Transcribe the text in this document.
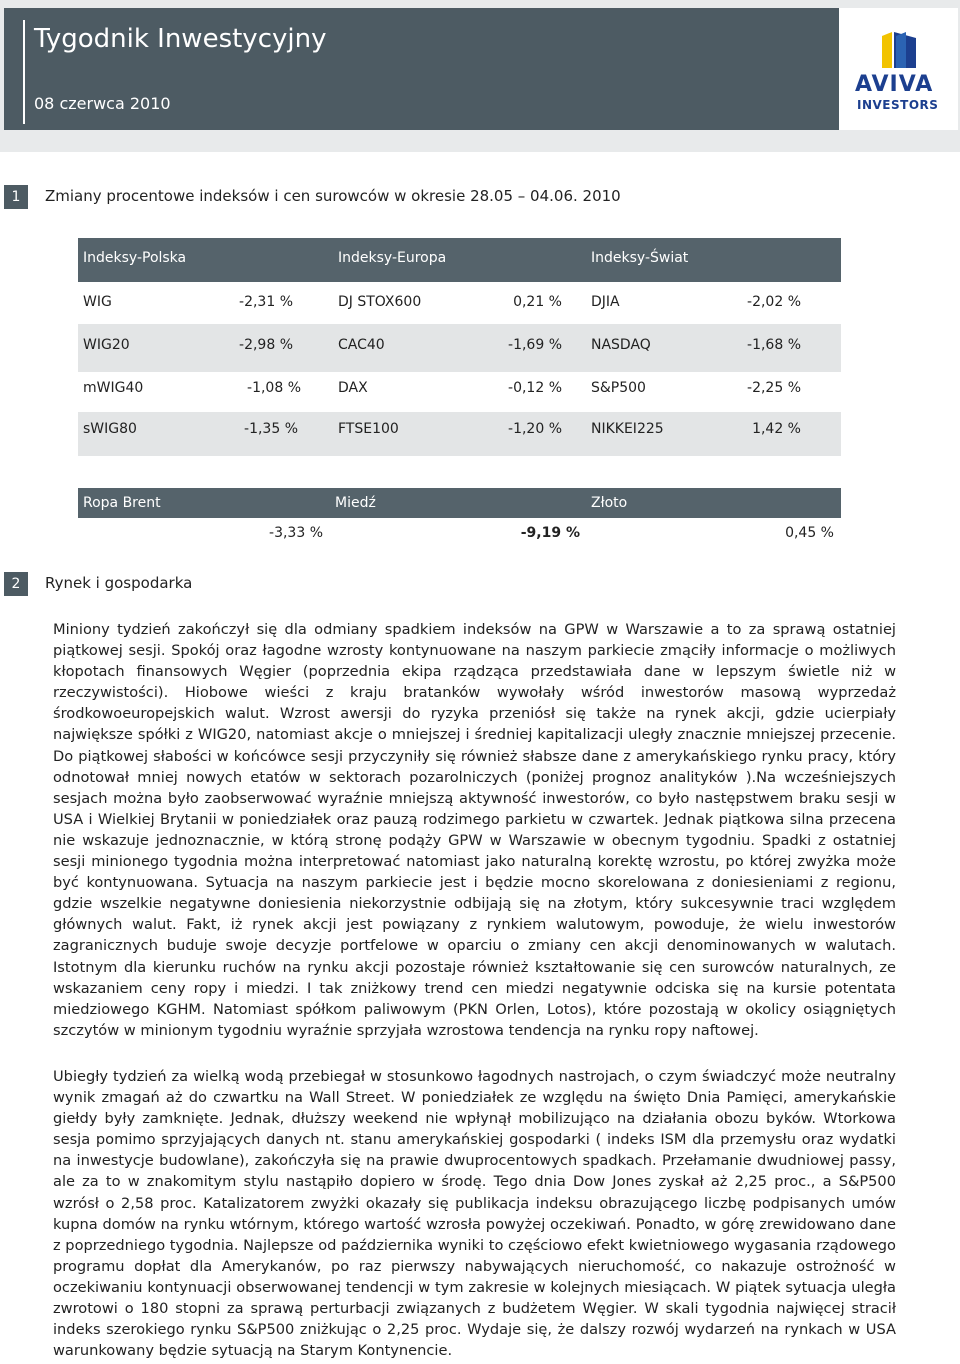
Tygodnik Inwestycyjny
08 czerwca 2010
AVIVA
INVESTORS
1	Zmiany procentowe indeksów i cen surowców w okresie 28.05 – 04.06. 2010
Indeksy-Polska	Indeksy-Europa	Indeksy-Świat
WIG	-2,31 %	DJ STOX600	0,21 % DJIA	-2,02 %
WIG20	-2,98 %	CAC40	-1,69 % NASDAQ	-1,68 %
mWIG40	-1,08 %	DAX	-0,12 % S&P500	-2,25 %
sWIG80	-1,35 %	FTSE100	-1,20 % NIKKEI225	1,42 %
Ropa Brent	Miedź	Złoto
-3,33 %	-9,19 %	0,45 %
2	Rynek i gospodarka

Miniony tydzień zakończył się dla odmiany spadkiem indeksów na GPW w Warszawie a to za sprawą ostatniej piątkowej sesji. Spokój oraz łagodne wzrosty kontynuowane na naszym parkiecie zmąciły informacje o możliwych kłopotach finansowych Węgier (poprzednia ekipa rządząca przedstawiała dane w lepszym świetle niż w rzeczywistości). Hiobowe wieści z kraju bratanków wywołały wśród inwestorów masową wyprzedaż środkowoeuropejskich walut. Wzrost awersji do ryzyka przeniósł się także na rynek akcji, gdzie ucierpiały największe spółki z WIG20, natomiast akcje o mniejszej i średniej kapitalizacji uległy znacznie mniejszej przecenie. Do piątkowej słabości w końcówce sesji przyczyniły się również słabsze dane z amerykańskiego rynku pracy, który odnotował mniej nowych etatów w sektorach pozarolniczych (poniżej prognoz analityków ).Na wcześniejszych sesjach można było zaobserwować wyraźnie mniejszą aktywność inwestorów, co było następstwem braku sesji w USA i Wielkiej Brytanii w poniedziałek oraz pauzą rodzimego parkietu w czwartek. Jednak piątkowa silna przecena nie wskazuje jednoznacznie, w którą stronę podąży GPW w Warszawie w obecnym tygodniu. Spadki z ostatniej sesji minionego tygodnia można interpretować natomiast jako naturalną korektę wzrostu, po której zwyżka może być kontynuowana. Sytuacja na naszym parkiecie jest i będzie mocno skorelowana z doniesieniami z regionu, gdzie wszelkie negatywne doniesienia niekorzystnie odbijają się na złotym, który sukcesywnie traci względem głównych walut. Fakt, iż rynek akcji jest powiązany z rynkiem walutowym, powoduje, że wielu inwestorów zagranicznych buduje swoje decyzje portfelowe w oparciu o zmiany cen akcji denominowanych w walutach. Istotnym dla kierunku ruchów na rynku akcji pozostaje również kształtowanie się cen surowców naturalnych, ze wskazaniem ceny ropy i miedzi. I tak zniżkowy trend cen miedzi negatywnie odciska się na kursie potentata miedziowego KGHM. Natomiast spółkom paliwowym (PKN Orlen, Lotos), które pozostają w okolicy osiągniętych szczytów w minionym tygodniu wyraźnie sprzyjała wzrostowa tendencja na rynku ropy naftowej.

Ubiegły tydzień za wielką wodą przebiegał w stosunkowo łagodnych nastrojach, o czym świadczyć może neutralny wynik zmagań aż do czwartku na Wall Street. W poniedziałek ze względu na święto Dnia Pamięci, amerykańskie giełdy były zamknięte. Jednak, dłuższy weekend nie wpłynął mobilizująco na działania obozu byków. Wtorkowa sesja pomimo sprzyjających danych nt. stanu amerykańskiej gospodarki ( indeks ISM dla przemysłu oraz wydatki na inwestycje budowlane), zakończyła się na prawie dwuprocentowych spadkach. Przełamanie dwudniowej passy, ale za to w znakomitym stylu nastąpiło dopiero w środę. Tego dnia Dow Jones zyskał aż 2,25 proc., a S&P500 wzrósł o 2,58 proc. Katalizatorem zwyżki okazały się publikacja indeksu obrazującego liczbę podpisanych umów kupna domów na rynku wtórnym, którego wartość wzrosła powyżej oczekiwań. Ponadto, w górę zrewidowano dane z poprzedniego tygodnia. Najlepsze od października wyniki to częściowo efekt kwietniowego wygasania rządowego programu dopłat dla Amerykanów, po raz pierwszy nabywających nieruchomość, co nakazuje ostrożność w oczekiwaniu kontynuacji obserwowanej tendencji w tym zakresie w kolejnych miesiącach. W piątek sytuacja uległa zwrotowi o 180 stopni za sprawą perturbacji związanych z budżetem Węgier. W skali tygodnia najwięcej stracił indeks szerokiego rynku S&P500 zniżkując o 2,25 proc. Wydaje się, że dalszy rozwój wydarzeń na rynkach w USA warunkowany będzie sytuacją na Starym Kontynencie.
